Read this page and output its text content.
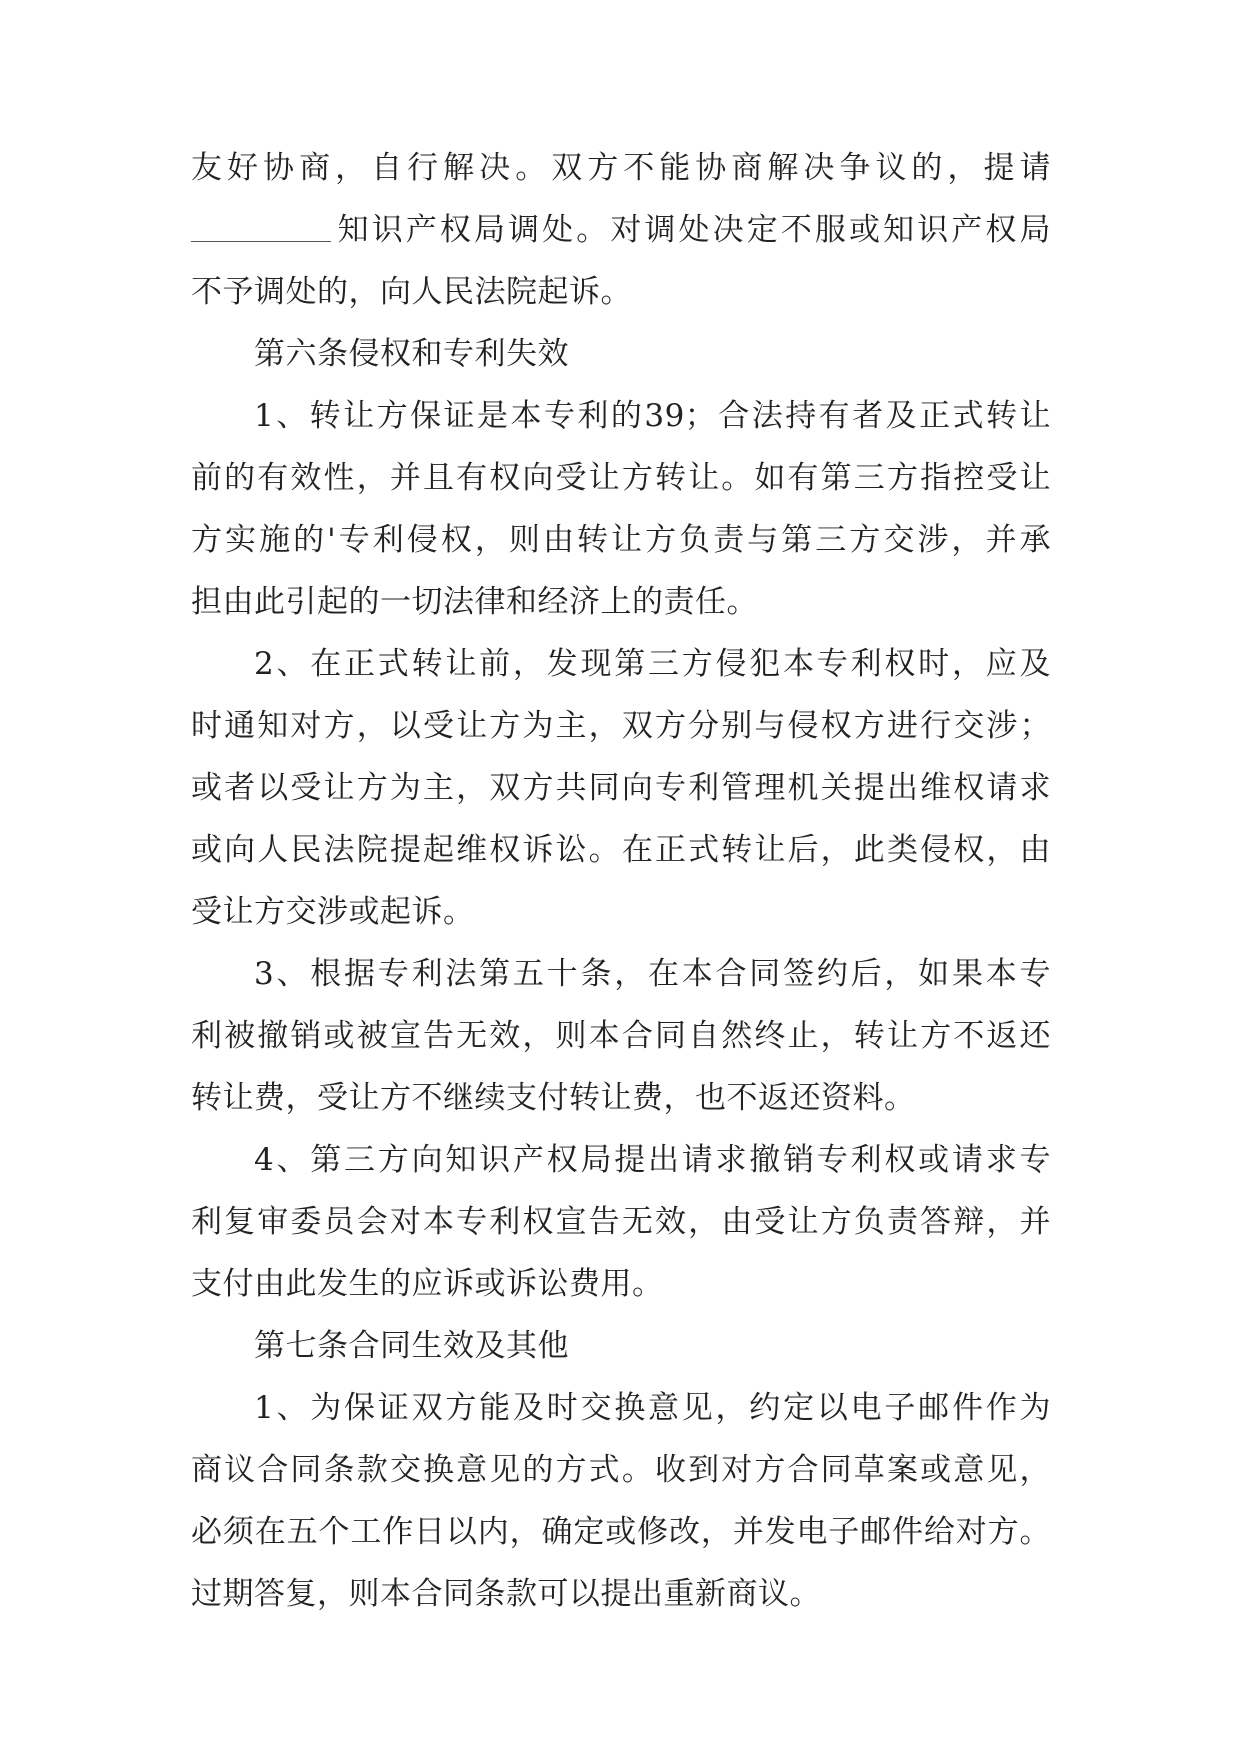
友好协商，自行解决。双方不能协商解决争议的，提请
知识产权局调处。对调处决定不服或知识产权局
不予调处的，向人民法院起诉。
第六条侵权和专利失效
1、转让方保证是本专利的39；合法持有者及正式转让
前的有效性，并且有权向受让方转让。如有第三方指控受让
方实施的'专利侵权，则由转让方负责与第三方交涉，并承
担由此引起的一切法律和经济上的责任。
2、在正式转让前，发现第三方侵犯本专利权时，应及
时通知对方，以受让方为主，双方分别与侵权方进行交涉；
或者以受让方为主，双方共同向专利管理机关提出维权请求
或向人民法院提起维权诉讼。在正式转让后，此类侵权，由
受让方交涉或起诉。
3、根据专利法第五十条，在本合同签约后，如果本专
利被撤销或被宣告无效，则本合同自然终止，转让方不返还
转让费，受让方不继续支付转让费，也不返还资料。
4、第三方向知识产权局提出请求撤销专利权或请求专
利复审委员会对本专利权宣告无效，由受让方负责答辩，并
支付由此发生的应诉或诉讼费用。
第七条合同生效及其他
1、为保证双方能及时交换意见，约定以电子邮件作为
商议合同条款交换意见的方式。收到对方合同草案或意见，
必须在五个工作日以内，确定或修改，并发电子邮件给对方。
过期答复，则本合同条款可以提出重新商议。
